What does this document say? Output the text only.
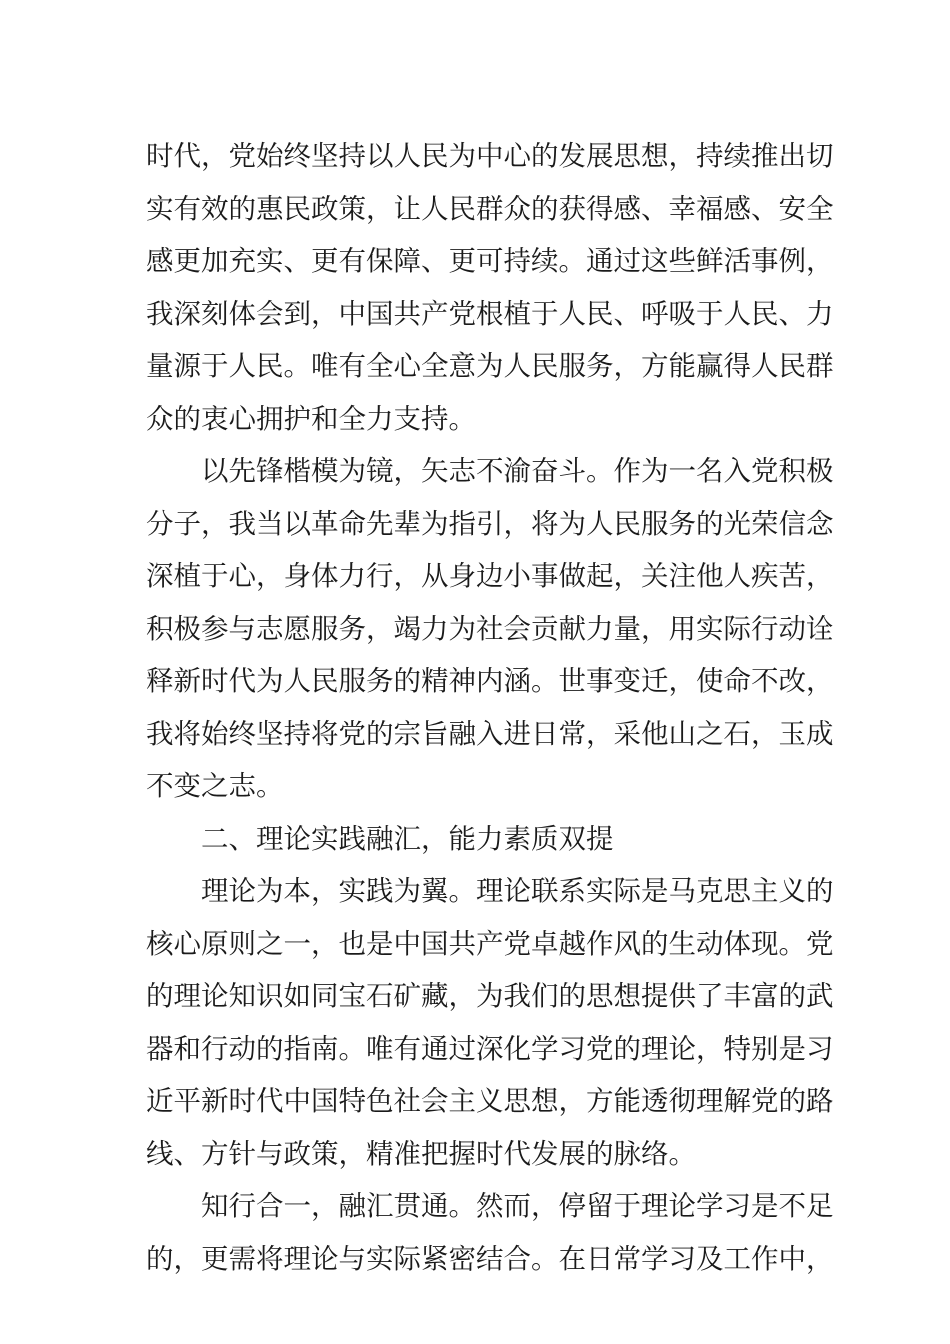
时代，党始终坚持以人民为中心的发展思想，持续推出切
实有效的惠民政策，让人民群众的获得感、幸福感、安全
感更加充实、更有保障、更可持续。通过这些鲜活事例，
我深刻体会到，中国共产党根植于人民、呼吸于人民、力
量源于人民。唯有全心全意为人民服务，方能赢得人民群
众的衷心拥护和全力支持。
以先锋楷模为镜，矢志不渝奋斗。作为一名入党积极
分子，我当以革命先辈为指引，将为人民服务的光荣信念
深植于心，身体力行，从身边小事做起，关注他人疾苦，
积极参与志愿服务，竭力为社会贡献力量，用实际行动诠
释新时代为人民服务的精神内涵。世事变迁，使命不改，
我将始终坚持将党的宗旨融入进日常，采他山之石，玉成
不变之志。
二、理论实践融汇，能力素质双提
理论为本，实践为翼。理论联系实际是马克思主义的
核心原则之一，也是中国共产党卓越作风的生动体现。党
的理论知识如同宝石矿藏，为我们的思想提供了丰富的武
器和行动的指南。唯有通过深化学习党的理论，特别是习
近平新时代中国特色社会主义思想，方能透彻理解党的路
线、方针与政策，精准把握时代发展的脉络。
知行合一，融汇贯通。然而，停留于理论学习是不足
的，更需将理论与实际紧密结合。在日常学习及工作中，
